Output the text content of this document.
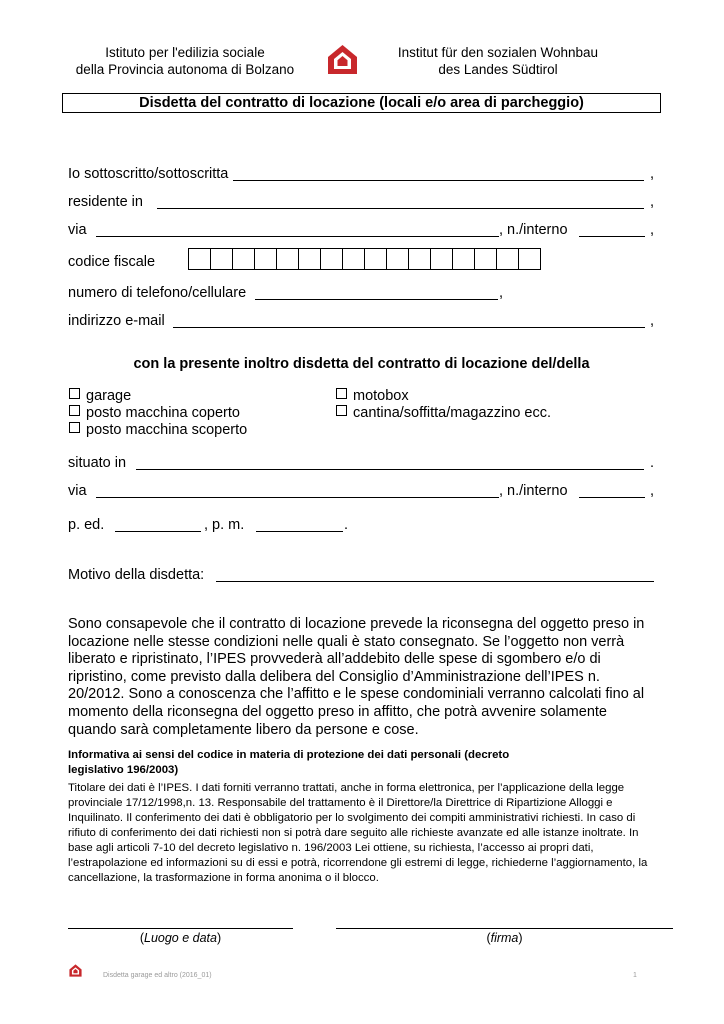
Istituto per l'edilizia sociale
della Provincia autonoma di Bolzano
Institut für den sozialen Wohnbau
des Landes Südtirol
Disdetta del contratto di locazione (locali e/o area di parcheggio)
Io sottoscritto/sottoscritta	,
residente in	,
via	, n./interno	,
codice fiscale
numero di telefono/cellulare	,
indirizzo e-mail	,
con la presente inoltro disdetta del contratto di locazione del/della
garage
posto macchina coperto
posto macchina scoperto
motobox
cantina/soffitta/magazzino ecc.
situato in	.
via	, n./interno	,
p. ed.	, p. m.	.
Motivo della disdetta:
Sono consapevole che il contratto di locazione prevede la riconsegna del oggetto preso in locazione nelle stesse condizioni nelle quali è stato consegnato. Se l’oggetto non verrà liberato e ripristinato, l’IPES provvederà all’addebito delle spese di sgombero e/o di ripristino, come previsto dalla delibera del Consiglio d’Amministrazione dell’IPES n. 20/2012. Sono a conoscenza che l’affitto e le spese condominiali verranno calcolati fino al momento della riconsegna del oggetto preso in affitto, che potrà avvenire solamente quando sarà completamente libero da persone e cose.
Informativa ai sensi del codice in materia di protezione dei dati personali (decreto legislativo 196/2003)
Titolare dei dati è l’IPES. I dati forniti verranno trattati, anche in forma elettronica, per l’applicazione della legge provinciale 17/12/1998,n. 13. Responsabile del trattamento è il Direttore/la Direttrice di Ripartizione Alloggi e Inquilinato. Il conferimento dei dati è obbligatorio per lo svolgimento dei compiti amministrativi richiesti. In caso di rifiuto di conferimento dei dati richiesti non si potrà dare seguito alle richieste avanzate ed alle istanze inoltrate. In base agli articoli 7-10 del decreto legislativo n. 196/2003 Lei ottiene, su richiesta, l’accesso ai propri dati, l’estrapolazione ed informazioni su di essi e potrà, ricorrendone gli estremi di legge, richiederne l’aggiornamento, la cancellazione, la trasformazione in forma anonima o il blocco.
(Luogo e data)	(firma)
Disdetta garage ed altro (2016_01)	1
